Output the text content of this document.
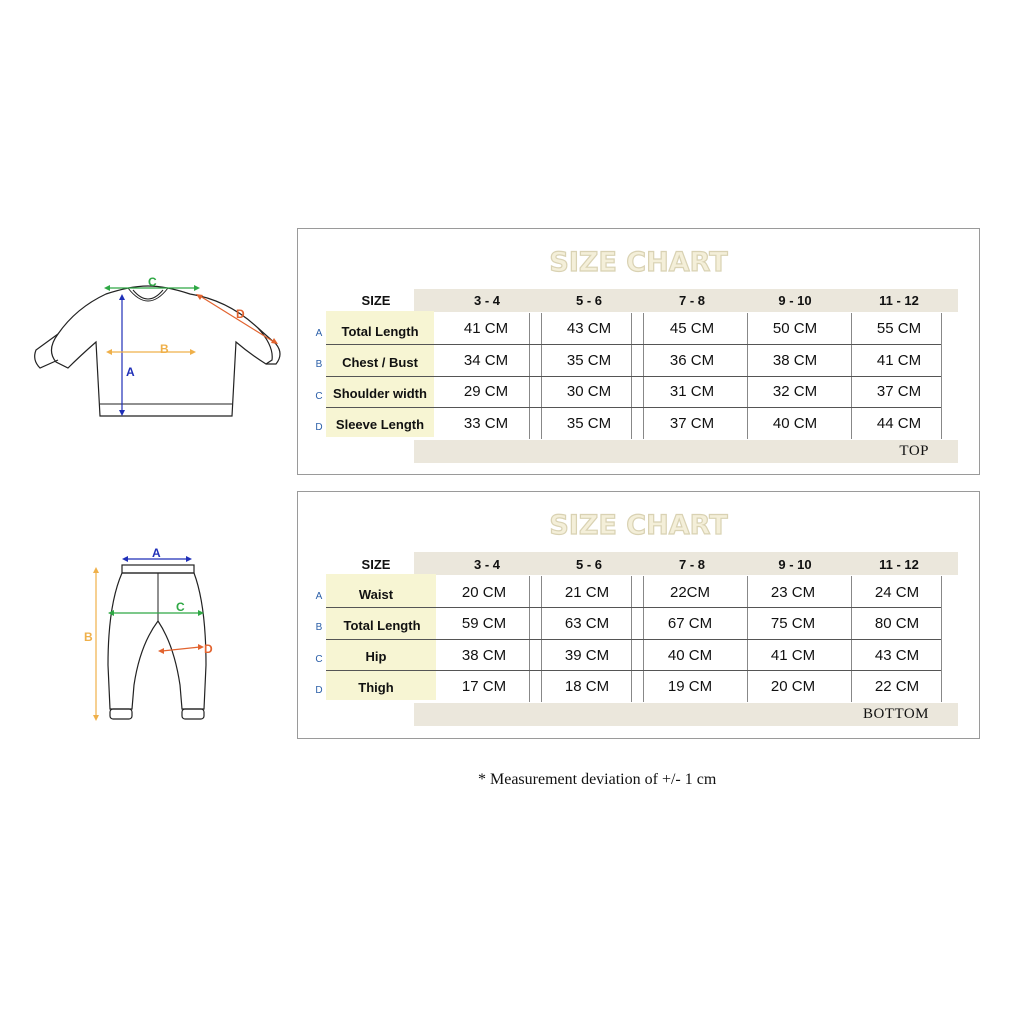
C
A
B
D
A
B
C
D
SIZE CHART
SIZE	3 - 4	5 - 6	7 - 8	9 - 10	11 - 12
A	Total Length	41 CM	43 CM	45 CM	50 CM	55 CM
B	Chest / Bust	34 CM	35 CM	36 CM	38 CM	41 CM
C Shoulder width	29 CM	30 CM	31 CM	32 CM	37 CM
D	Sleeve Length	33 CM	35 CM	37 CM	40 CM	44 CM
TOP
SIZE CHART
SIZE	3 - 4	5 - 6	7 - 8	9 - 10	11 - 12
A	Waist	20 CM	21 CM	22CM	23 CM	24 CM
B	Total Length	59 CM	63 CM	67 CM	75 CM	80 CM
C	Hip	38 CM	39 CM	40 CM	41 CM	43 CM
D	Thigh	17 CM	18 CM	19 CM	20 CM	22 CM
BOTTOM
* Measurement deviation of +/- 1 cm
